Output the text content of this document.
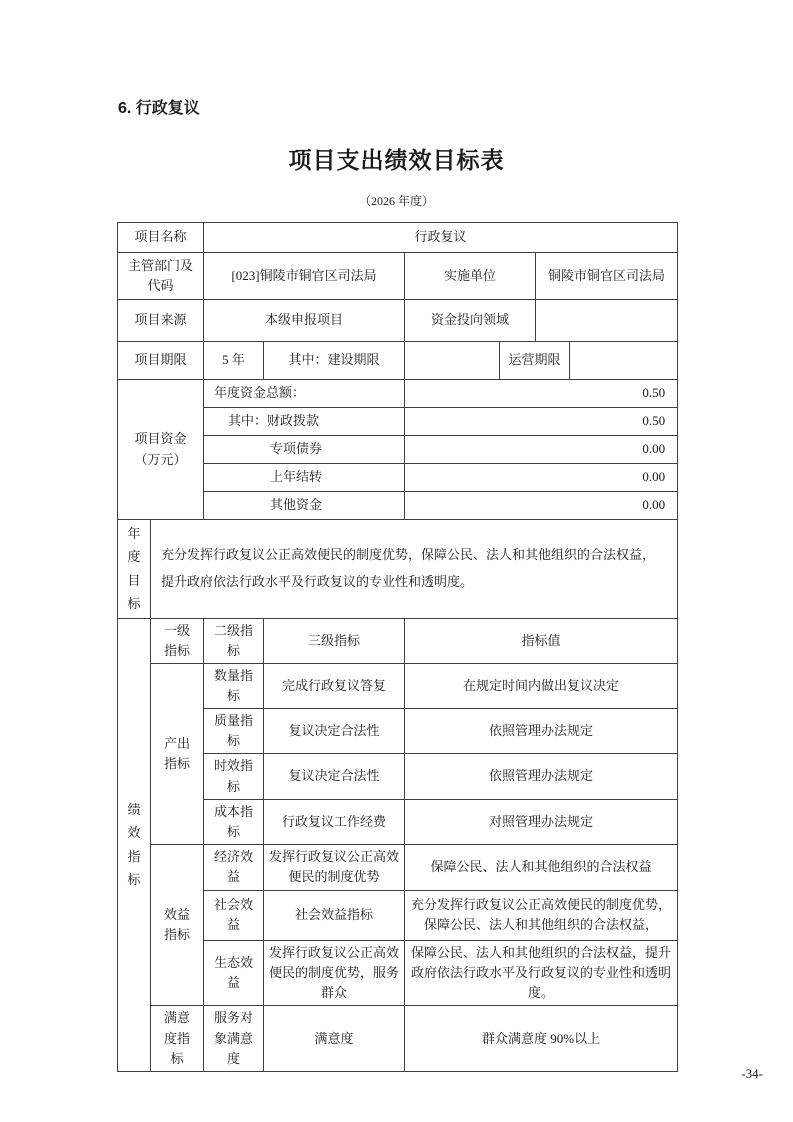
6. 行政复议
项目支出绩效目标表
（2026 年度）
项目名称		行政复议					
主管部门及代码		[023]铜陵市铜官区司法局		实施单位		铜陵市铜官区司法局	
项目来源		本级申报项目		资金投向领域			
项目期限		5 年	其中：建设期限		运营期限		
项目资金（万元）		年度资金总额：		0.50			
		其中：财政拨款		0.50			
		专项债券		0.00			
		上年结转		0.00			
		其他资金		0.00			
年度目标	充分发挥行政复议公正高效便民的制度优势，保障公民、法人和其他组织的合法权益，提升政府依法行政水平及行政复议的专业性和透明度。						
绩效指标	一级指标	二级指标	三级指标	指标值			
	产出指标	数量指标	完成行政复议答复	在规定时间内做出复议决定			
		质量指标	复议决定合法性	依照管理办法规定			
		时效指标	复议决定合法性	依照管理办法规定			
		成本指标	行政复议工作经费	对照管理办法规定			
	效益指标	经济效益	发挥行政复议公正高效便民的制度优势	保障公民、法人和其他组织的合法权益			
		社会效益	社会效益指标	充分发挥行政复议公正高效便民的制度优势，保障公民、法人和其他组织的合法权益，			
		生态效益	发挥行政复议公正高效便民的制度优势，服务群众	保障公民、法人和其他组织的合法权益，提升政府依法行政水平及行政复议的专业性和透明度。			
	满意度指标	服务对象满意度	满意度	群众满意度 90%以上			
-34-
